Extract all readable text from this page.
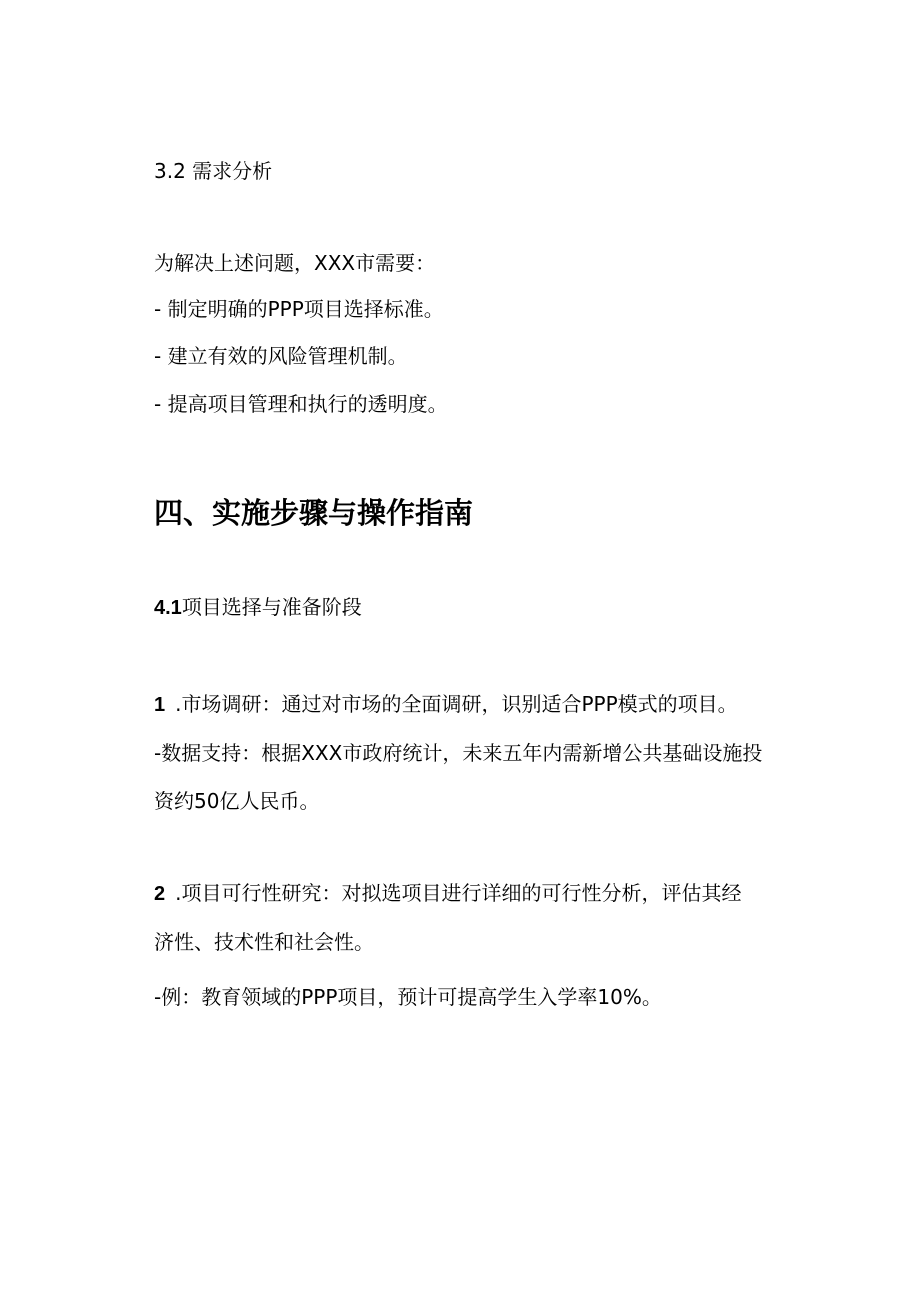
3.2 需求分析
为解决上述问题，XXX市需要：
- 制定明确的PPP项目选择标准。
- 建立有效的风险管理机制。
- 提高项目管理和执行的透明度。
四、实施步骤与操作指南
4.1项目选择与准备阶段
1 .市场调研：通过对市场的全面调研，识别适合PPP模式的项目。
-数据支持：根据XXX市政府统计，未来五年内需新增公共基础设施投
资约50亿人民币。
2 .项目可行性研究：对拟选项目进行详细的可行性分析，评估其经
济性、技术性和社会性。
-例：教育领域的PPP项目，预计可提高学生入学率10%。
